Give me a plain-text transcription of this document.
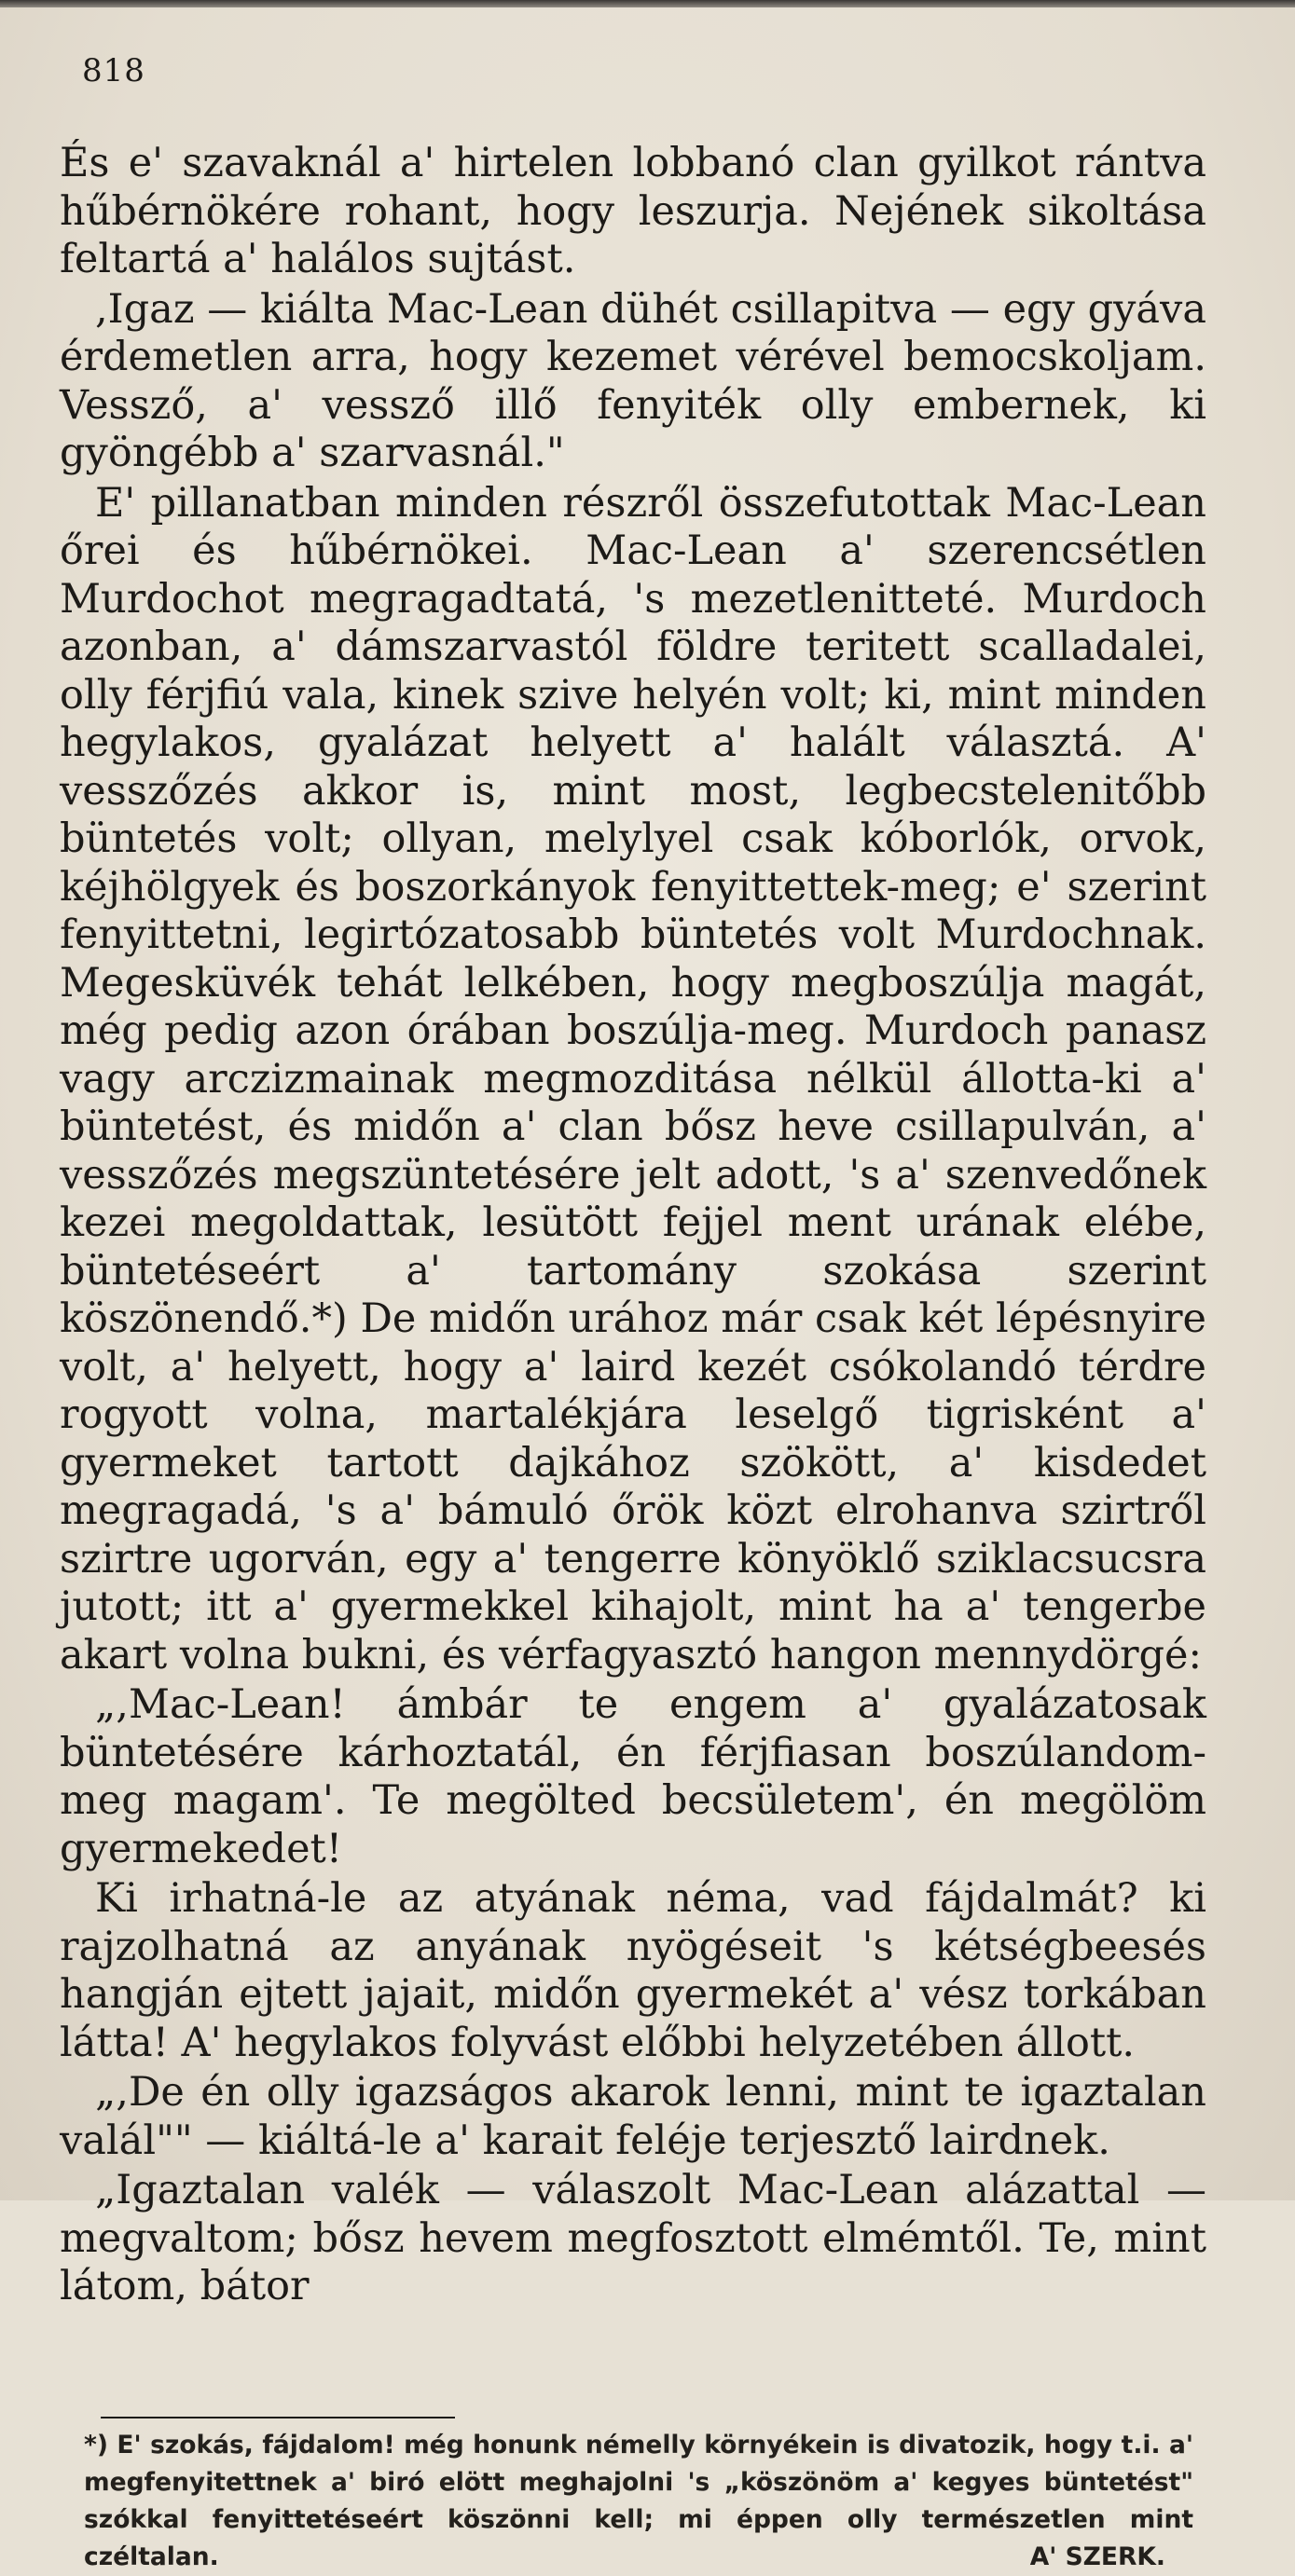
818

És e' szavaknál a' hirtelen lobbanó clan gyilkot rántva hűbérnökére rohant, hogy leszurja. Nejének sikoltása feltartá a' halálos sujtást.

,Igaz — kiálta Mac-Lean dühét csillapitva — egy gyáva érdemetlen arra, hogy kezemet vérével bemocskoljam. Vessző, a' vessző illő fenyiték olly embernek, ki gyöngébb a' szarvasnál."

E' pillanatban minden részről összefutottak Mac-Lean őrei és hűbérnökei. Mac-Lean a' szerencsétlen Murdochot megragadtatá, 's mezetlenitteté. Murdoch azonban, a' dámszarvastól földre teritett scalladalei, olly férjfiú vala, kinek szive helyén volt; ki, mint minden hegylakos, gyalázat helyett a' halált választá. A' vesszőzés akkor is, mint most, legbecstelenitőbb büntetés volt; ollyan, melylyel csak kóborlók, orvok, kéjhölgyek és boszorkányok fenyittettek-meg; e' szerint fenyittetni, legirtózatosabb büntetés volt Murdochnak. Megesküvék tehát lelkében, hogy megboszúlja magát, még pedig azon órában boszúlja-meg. Murdoch panasz vagy arczizmainak megmozditása nélkül állotta-ki a' büntetést, és midőn a' clan bősz heve csillapulván, a' vesszőzés megszüntetésére jelt adott, 's a' szenvedőnek kezei megoldattak, lesütött fejjel ment urának elébe, büntetéseért a' tartomány szokása szerint köszönendő.*) De midőn urához már csak két lépésnyire volt, a' helyett, hogy a' laird kezét csókolandó térdre rogyott volna, martalékjára leselgő tigrisként a' gyermeket tartott dajkához szökött, a' kisdedet megragadá, 's a' bámuló őrök közt elrohanva szirtről szirtre ugorván, egy a' tengerre könyöklő sziklacsucsra jutott; itt a' gyermekkel kihajolt, mint ha a' tengerbe akart volna bukni, és vérfagyasztó hangon mennydörgé:

„,Mac-Lean! ámbár te engem a' gyalázatosak büntetésére kárhoztatál, én férjfiasan boszúlandom-meg magam'. Te megölted becsületem', én megölöm gyermekedet!

Ki irhatná-le az atyának néma, vad fájdalmát? ki rajzolhatná az anyának nyögéseit 's kétségbeesés hangján ejtett jajait, midőn gyermekét a' vész torkában látta! A' hegylakos folyvást előbbi helyzetében állott.

„,De én olly igazságos akarok lenni, mint te igaztalan valál"" — kiáltá-le a' karait feléje terjesztő lairdnek.

„Igaztalan valék — válaszolt Mac-Lean alázattal — megvaltom; bősz hevem megfosztott elmémtől. Te, mint látom, bátor

*) E' szokás, fájdalom! még honunk némelly környékein is divatozik, hogy t.i. a' megfenyitettnek a' biró elött meghajolni 's „köszönöm a' kegyes büntetést" szókkal fenyittetéseért köszönni kell; mi éppen olly természetlen mint czéltalan.	A' SZERK.
